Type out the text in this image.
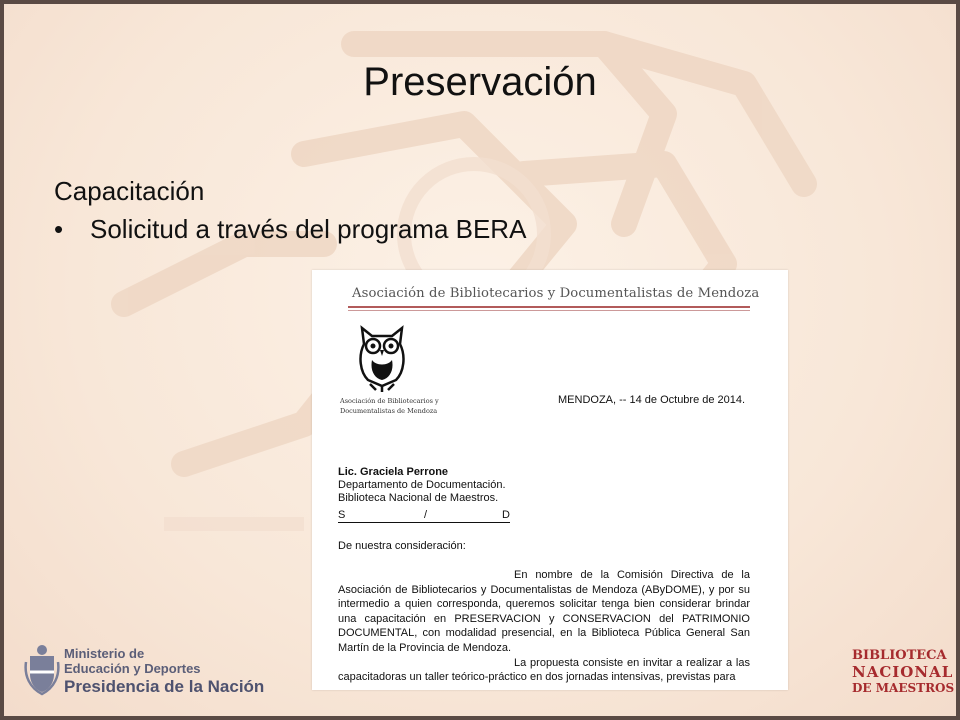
Preservación
Capacitación
•	Solicitud a través del programa BERA
Asociación de Bibliotecarios y Documentalistas de Mendoza
Asociación de Bibliotecarios y
Documentalistas de Mendoza
MENDOZA, -- 14 de Octubre de 2014.
Lic. Graciela Perrone
Departamento de Documentación.
Biblioteca Nacional de Maestros.
S	/	D
De nuestra consideración:

En nombre de la Comisión Directiva de la Asociación de Bibliotecarios y Documentalistas de Mendoza (AByDOME), y por su intermedio a quien corresponda, queremos solicitar tenga bien considerar brindar una capacitación en PRESERVACION y CONSERVACION del PATRIMONIO DOCUMENTAL, con modalidad presencial, en la Biblioteca Pública General San Martín de la Provincia de Mendoza.

La propuesta consiste en invitar a realizar a las capacitadoras un taller teórico-práctico en dos jornadas intensivas, previstas para

Ministerio de
Educación y Deportes
Presidencia de la Nación
BIBLIOTECA
NACIONAL
DE MAESTROS
